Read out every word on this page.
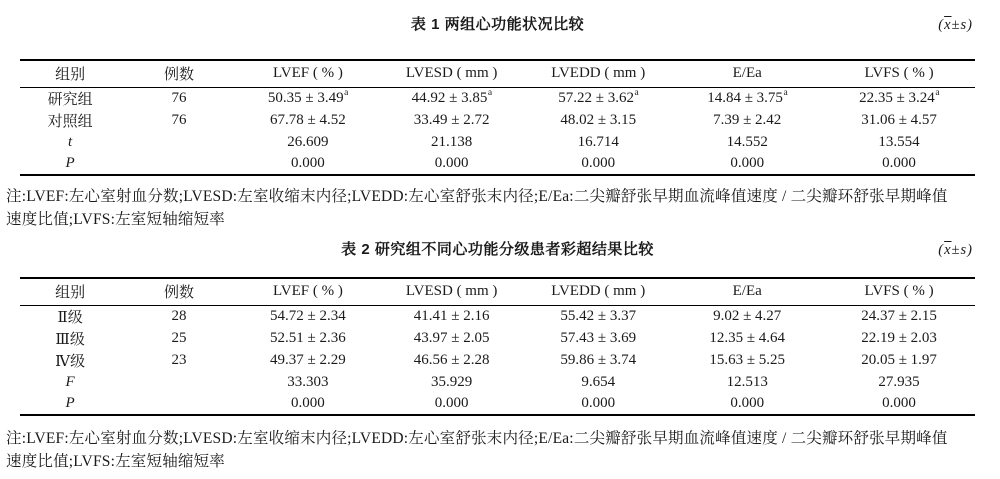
表 1 两组心功能状况比较	$(\overline{x}\pm s)$
组别	例数	LVEF ( % )	LVESD ( mm )	LVEDD ( mm )	E/Ea	LVFS ( % )
研究组	76	50.35 ± 3.49$^a$	44.92 ± 3.85$^a$	57.22 ± 3.62$^a$	14.84 ± 3.75$^a$	22.35 ± 3.24$^a$
对照组	76	67.78 ± 4.52	33.49 ± 2.72	48.02 ± 3.15	7.39 ± 2.42	31.06 ± 4.57
t		26.609	21.138	16.714	14.552	13.554
P		0.000	0.000	0.000	0.000	0.000

注:LVEF:左心室射血分数;LVESD:左室收缩末内径;LVEDD:左心室舒张末内径;E/Ea:二尖瓣舒张早期血流峰值速度 / 二尖瓣环舒张早期峰值

速度比值;LVFS:左室短轴缩短率

表 2 研究组不同心功能分级患者彩超结果比较	$(\overline{x}\pm s)$
组别	例数	LVEF ( % )	LVESD ( mm )	LVEDD ( mm )	E/Ea	LVFS ( % )
Ⅱ级	28	54.72 ± 2.34	41.41 ± 2.16	55.42 ± 3.37	9.02 ± 4.27	24.37 ± 2.15
Ⅲ级	25	52.51 ± 2.36	43.97 ± 2.05	57.43 ± 3.69	12.35 ± 4.64	22.19 ± 2.03
Ⅳ级	23	49.37 ± 2.29	46.56 ± 2.28	59.86 ± 3.74	15.63 ± 5.25	20.05 ± 1.97
F		33.303	35.929	9.654	12.513	27.935
P		0.000	0.000	0.000	0.000	0.000

注:LVEF:左心室射血分数;LVESD:左室收缩末内径;LVEDD:左心室舒张末内径;E/Ea:二尖瓣舒张早期血流峰值速度 / 二尖瓣环舒张早期峰值

速度比值;LVFS:左室短轴缩短率
